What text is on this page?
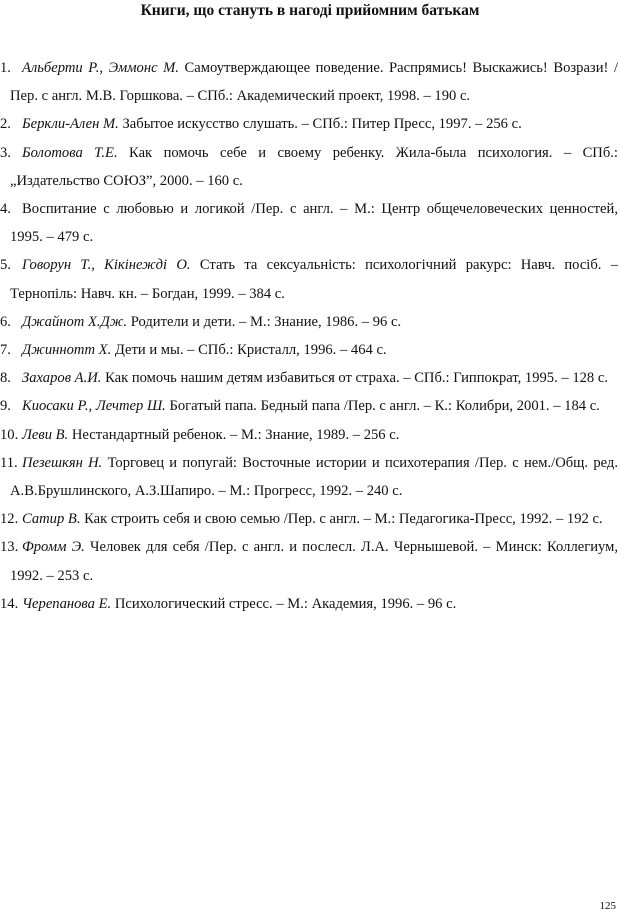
Книги, що стануть в нагоді прийомним батькам
1. Альберти Р., Эммонс М. Самоутверждающее поведение. Распрямись! Выскажись! Возрази! /Пер. с англ. М.В. Горшкова. – СПб.: Академический проект, 1998. – 190 с.
2. Беркли-Ален М. Забытое искусство слушать. – СПб.: Питер Пресс, 1997. – 256 с.
3. Болотова Т.Е. Как помочь себе и своему ребенку. Жила-была психология. – СПб.: „Издательство СОЮЗ”, 2000. – 160 с.
4. Воспитание с любовью и логикой /Пер. с англ. – М.: Центр общечеловеческих ценностей, 1995. – 479 с.
5. Говорун Т., Кікінежді О. Стать та сексуальність: психологічний ракурс: Навч. посіб. – Тернопіль: Навч. кн. – Богдан, 1999. – 384 с.
6. Джайнот Х.Дж. Родители и дети. – М.: Знание, 1986. – 96 с.
7. Джиннотт Х. Дети и мы. – СПб.: Кристалл, 1996. – 464 с.
8. Захаров А.И. Как помочь нашим детям избавиться от страха. – СПб.: Гиппократ, 1995. – 128 с.
9. Киосаки Р., Лечтер Ш. Богатый папа. Бедный папа /Пер. с англ. – К.: Колибри, 2001. – 184 с.
10. Леви В. Нестандартный ребенок. – М.: Знание, 1989. – 256 с.
11. Пезешкян Н. Торговец и попугай: Восточные истории и психотерапия /Пер. с нем./Общ. ред. А.В.Брушлинского, А.З.Шапиро. – М.: Прогресс, 1992. – 240 с.
12. Сатир В. Как строить себя и свою семью /Пер. с англ. – М.: Педагогика-Пресс, 1992. – 192 с.
13. Фромм Э. Человек для себя /Пер. с англ. и послесл. Л.А. Чернышевой. – Минск: Коллегиум, 1992. – 253 с.
14. Черепанова Е. Психологический стресс. – М.: Академия, 1996. – 96 с.
125
